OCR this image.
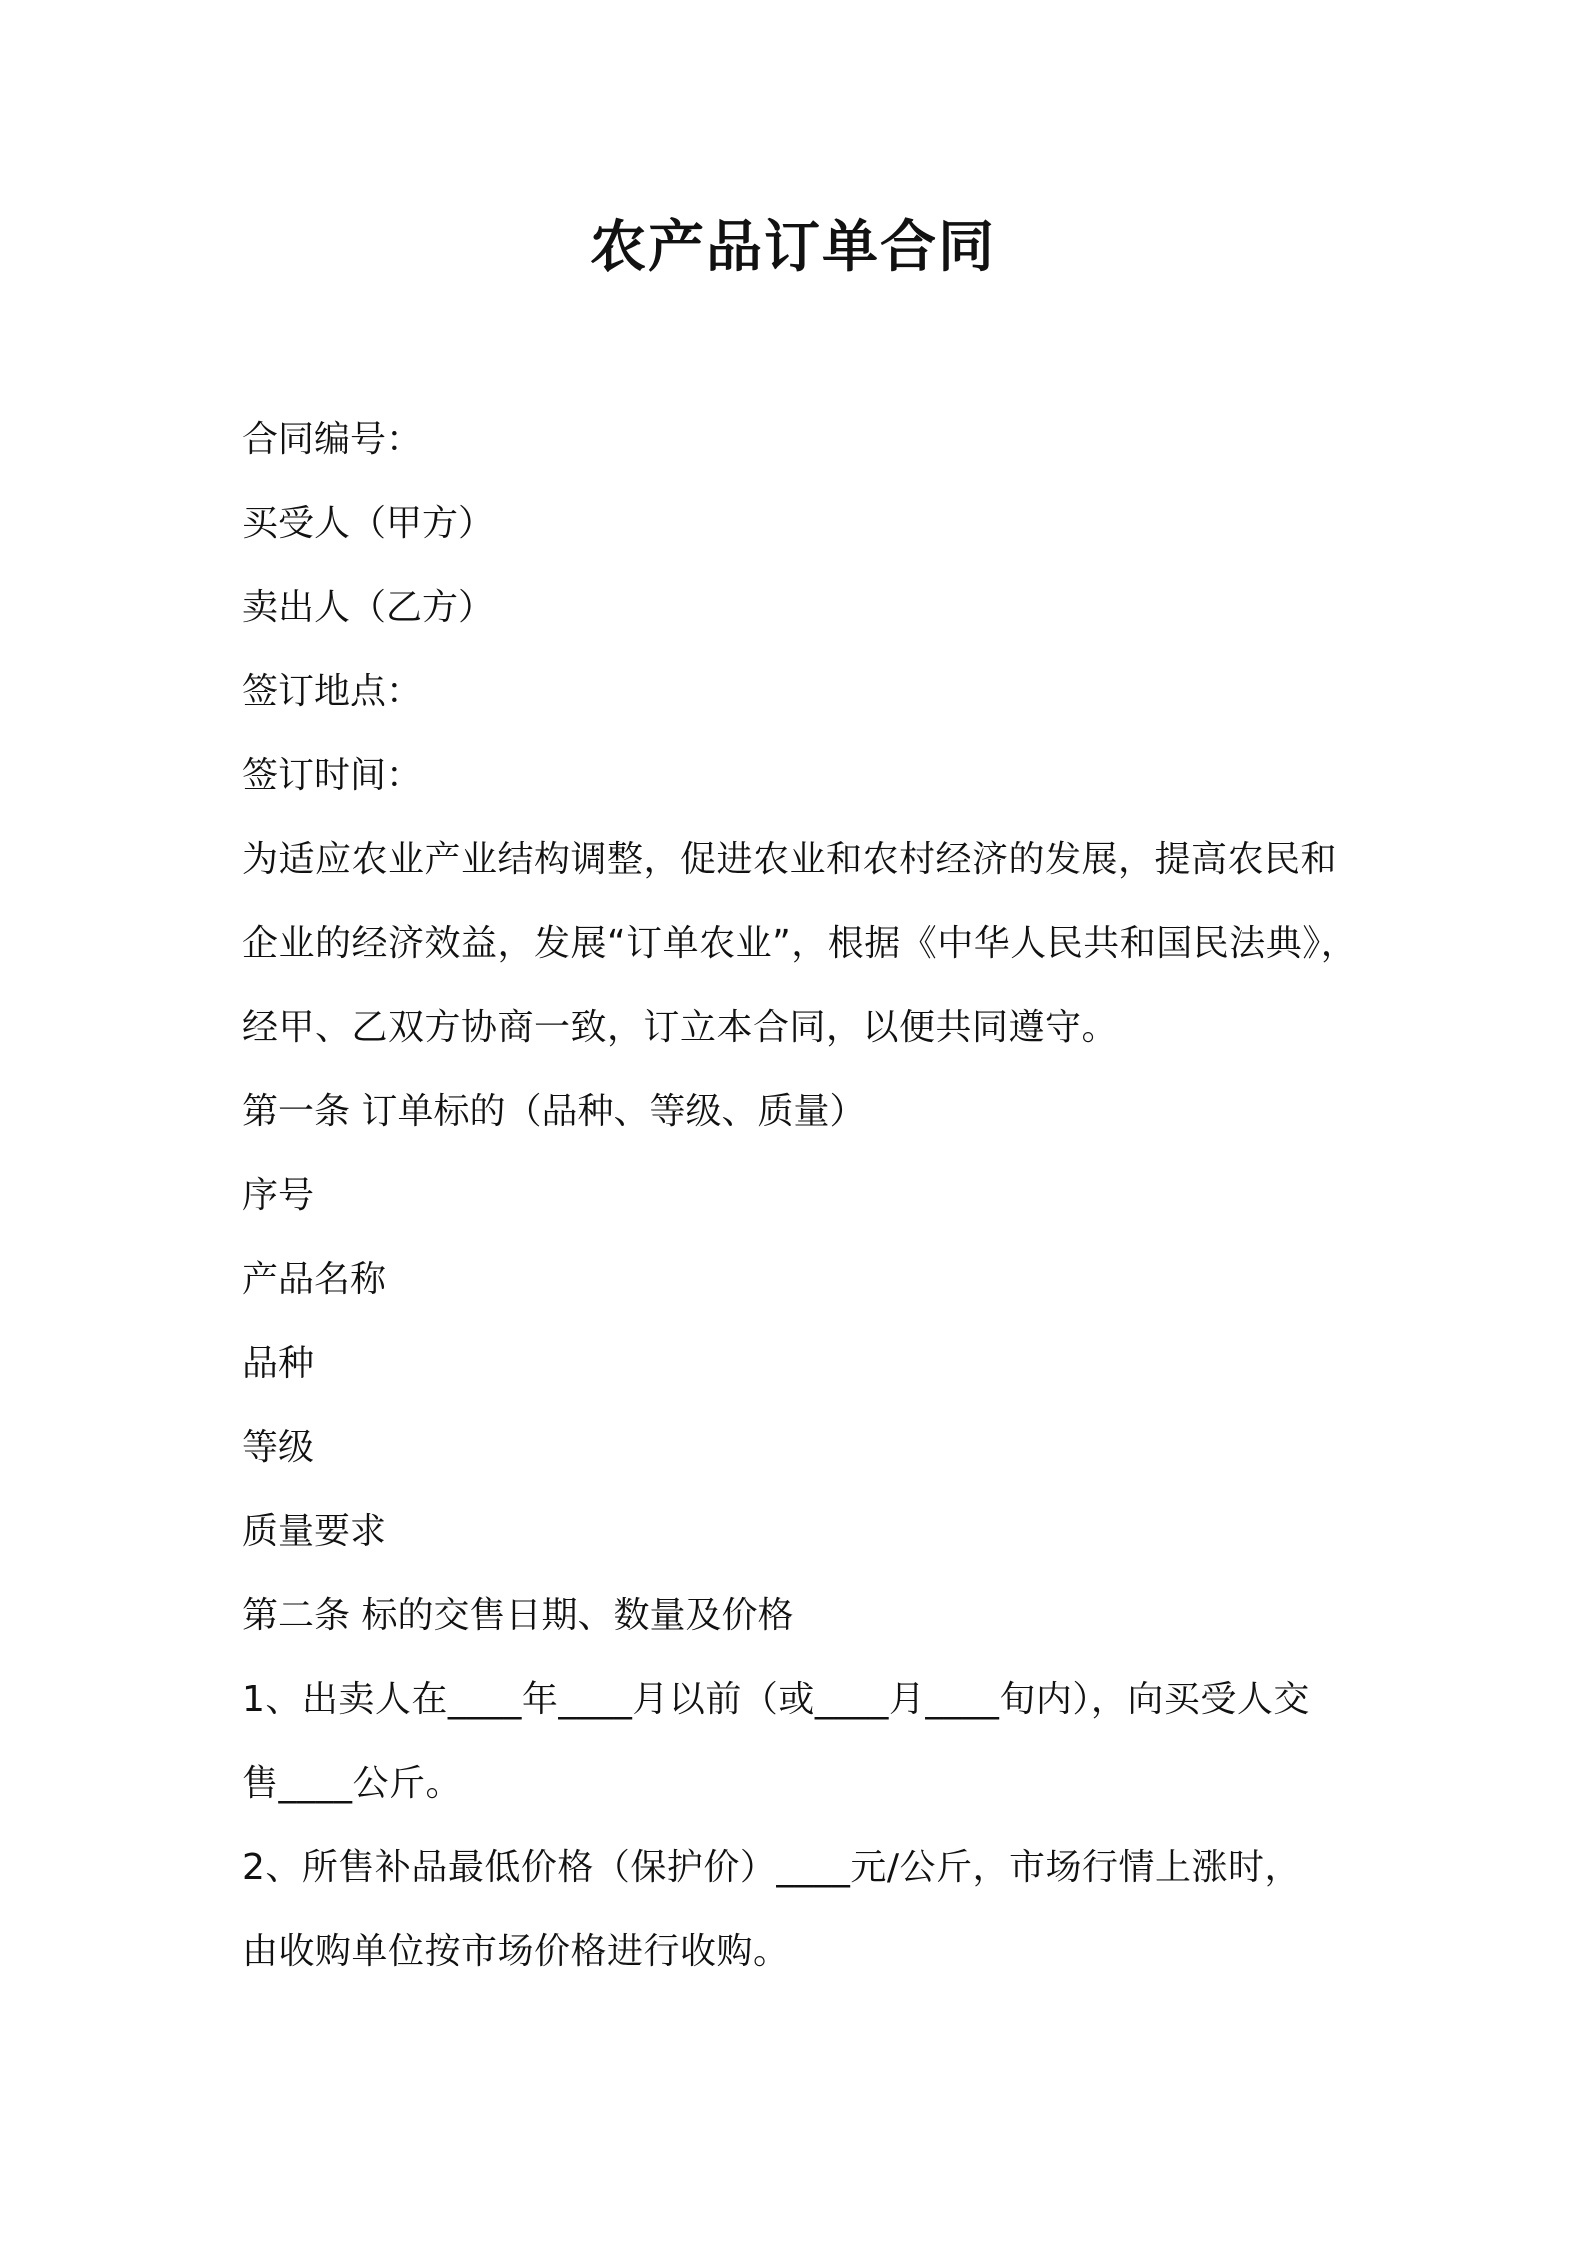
农产品订单合同
合同编号：
买受人（甲方）
卖出人（乙方）
签订地点：
签订时间：
为适应农业产业结构调整，促进农业和农村经济的发展，提高农民和
企业的经济效益，发展“订单农业”，根据《中华人民共和国民法典》，
经甲、乙双方协商一致，订立本合同，以便共同遵守。
第一条 订单标的（品种、等级、质量）
序号
产品名称
品种
等级
质量要求
第二条 标的交售日期、数量及价格
1、出卖人在____年____月以前（或____月____旬内），向买受人交
售____公斤。
2、所售补品最低价格（保护价）____元/公斤，市场行情上涨时，
由收购单位按市场价格进行收购。
